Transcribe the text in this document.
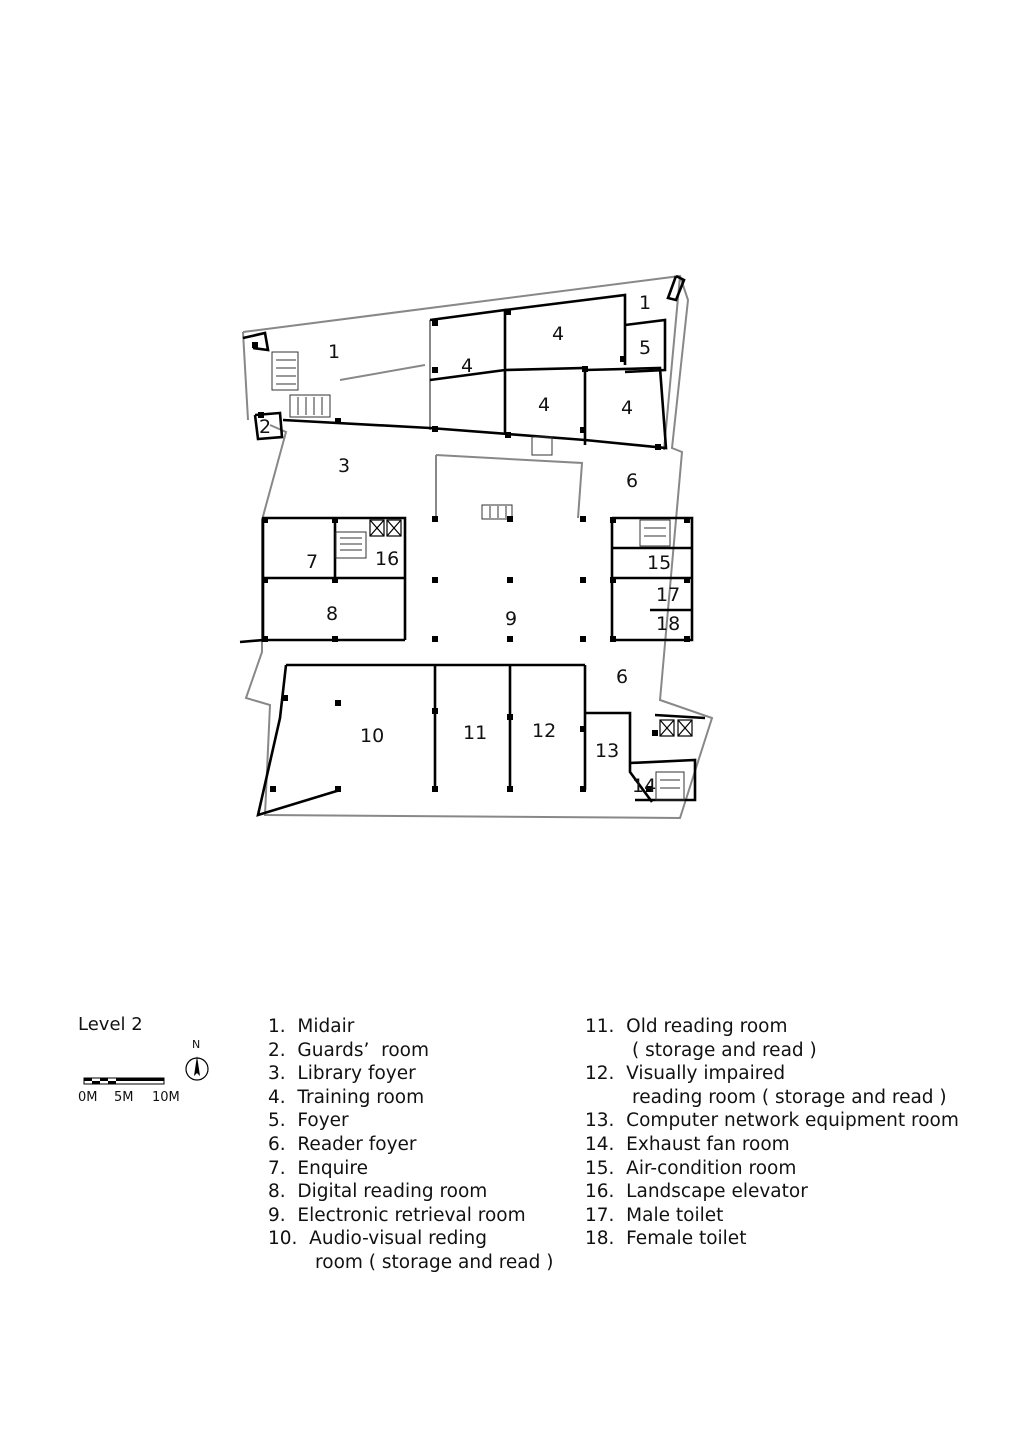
1
1
2
3
4
4
4	4
5
6
6
7
8	9
10	11 12
13
14
15
16
17
18
Level 2
0M 5M 10M
N
1.  Midair
2.  Guards’  room
3.  Library foyer
4.  Training room
5.  Foyer
6.  Reader foyer
7.  Enquire
8.  Digital reading room
9.  Electronic retrieval room
10.  Audio-visual reding
room ( storage and read )
11.  Old reading room
( storage and read )
12.  Visually impaired
reading room ( storage and read )
13.  Computer network equipment room
14.  Exhaust fan room
15.  Air-condition room
16.  Landscape elevator
17.  Male toilet
18.  Female toilet
